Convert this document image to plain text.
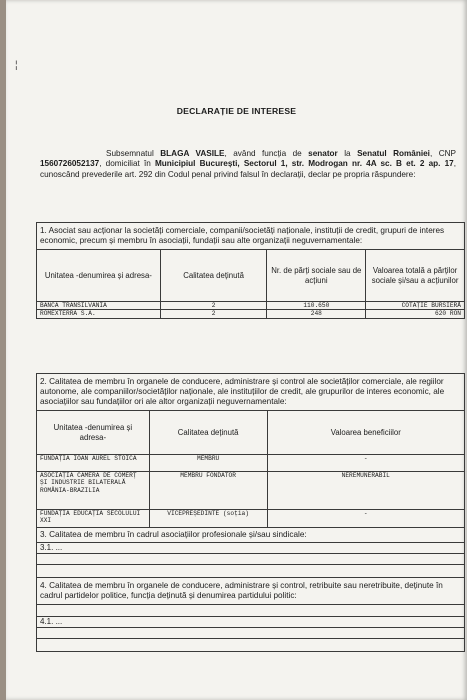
¦
DECLARAȚIE DE INTERESE
Subsemnatul BLAGA VASILE, având funcția de senator la Senatul României, CNP 1560726052137, domiciliat în Municipiul București, Sectorul 1, str. Modrogan nr. 4A sc. B et. 2 ap. 17, cunoscând prevederile art. 292 din Codul penal privind falsul în declarații, declar pe propria răspundere:
1. Asociat sau acționar la societăți comerciale, companii/societăți naționale, instituții de credit, grupuri de interes economic, precum și membru în asociații, fundații sau alte organizații neguvernamentale:			
Unitatea -denumirea și adresa-	Calitatea deținută	Nr. de părți sociale sau de acțiuni	Valoarea totală a părților sociale și/sau a acțiunilor
BANCA TRANSILVANIA	2	110.650	COTAȚIE BURSIERĂ
ROMEXTERRA S.A.	2	248	620 RON
2. Calitatea de membru în organele de conducere, administrare și control ale societăților comerciale, ale regiilor autonome, ale companiilor/societăților naționale, ale instituțiilor de credit, ale grupurilor de interes economic, ale asociațiilor sau fundațiilor ori ale altor organizații neguvernamentale:		
Unitatea -denumirea și adresa-	Calitatea deținută	Valoarea beneficiilor
FUNDAȚIA IOAN AUREL STOICA	MEMBRU	-
ASOCIAȚIA CAMERA DE COMERȚ ȘI INDUSTRIE BILATERALĂ ROMÂNIA-BRAZILIA	MEMBRU FONDATOR	NEREMUNERABIL
FUNDAȚIA EDUCAȚIA SECOLULUI XXI	VICEPREȘEDINTE (soția)	-
3. Calitatea de membru în cadrul asociațiilor profesionale și/sau sindicale:		
3.1. ...		

4. Calitatea de membru în organele de conducere, administrare și control, retribuite sau neretribuite, deținute în cadrul partidelor politice, funcția deținută și denumirea partidului politic:		

4.1. ...		
